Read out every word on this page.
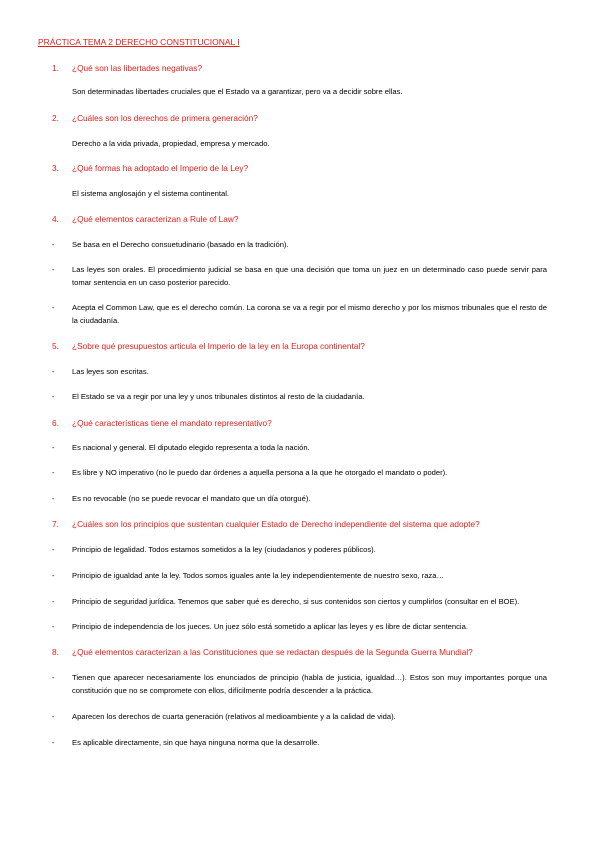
PRÁCTICA TEMA 2 DERECHO CONSTITUCIONAL I
1. ¿Qué son las libertades negativas?
Son determinadas libertades cruciales que el Estado va a garantizar, pero va a decidir sobre ellas.
2. ¿Cuáles son los derechos de primera generación?
Derecho a la vida privada, propiedad, empresa y mercado.
3. ¿Qué formas ha adoptado el Imperio de la Ley?
El sistema anglosajón y el sistema continental.
4. ¿Qué elementos caracterizan a Rule of Law?
- Se basa en el Derecho consuetudinario (basado en la tradición).
- Las leyes son orales. El procedimiento judicial se basa en que una decisión que toma un juez en un determinado caso puede servir para tomar sentencia en un caso posterior parecido.
- Acepta el Common Law, que es el derecho común. La corona se va a regir por el mismo derecho y por los mismos tribunales que el resto de la ciudadanía.
5. ¿Sobre qué presupuestos articula el Imperio de la ley en la Europa continental?
- Las leyes son escritas.
- El Estado se va a regir por una ley y unos tribunales distintos al resto de la ciudadanía.
6. ¿Qué características tiene el mandato representativo?
- Es nacional y general. El diputado elegido representa a toda la nación.
- Es libre y NO imperativo (no le puedo dar órdenes a aquella persona a la que he otorgado el mandato o poder).
- Es no revocable (no se puede revocar el mandato que un día otorgué).
7. ¿Cuáles son los principios que sustentan cualquier Estado de Derecho independiente del sistema que adopte?
- Principio de legalidad. Todos estamos sometidos a la ley (ciudadanos y poderes públicos).
- Principio de igualdad ante la ley. Todos somos iguales ante la ley independientemente de nuestro sexo, raza…
- Principio de seguridad jurídica. Tenemos que saber qué es derecho, si sus contenidos son ciertos y cumplirlos (consultar en el BOE).
- Principio de independencia de los jueces. Un juez sólo está sometido a aplicar las leyes y es libre de dictar sentencia.
8. ¿Qué elementos caracterizan a las Constituciones que se redactan después de la Segunda Guerra Mundial?
- Tienen que aparecer necesariamente los enunciados de principio (habla de justicia, igualdad…). Estos son muy importantes porque una constitución que no se compromete con ellos, difícilmente podría descender a la práctica.
- Aparecen los derechos de cuarta generación (relativos al medioambiente y a la calidad de vida).
- Es aplicable directamente, sin que haya ninguna norma que la desarrolle.
